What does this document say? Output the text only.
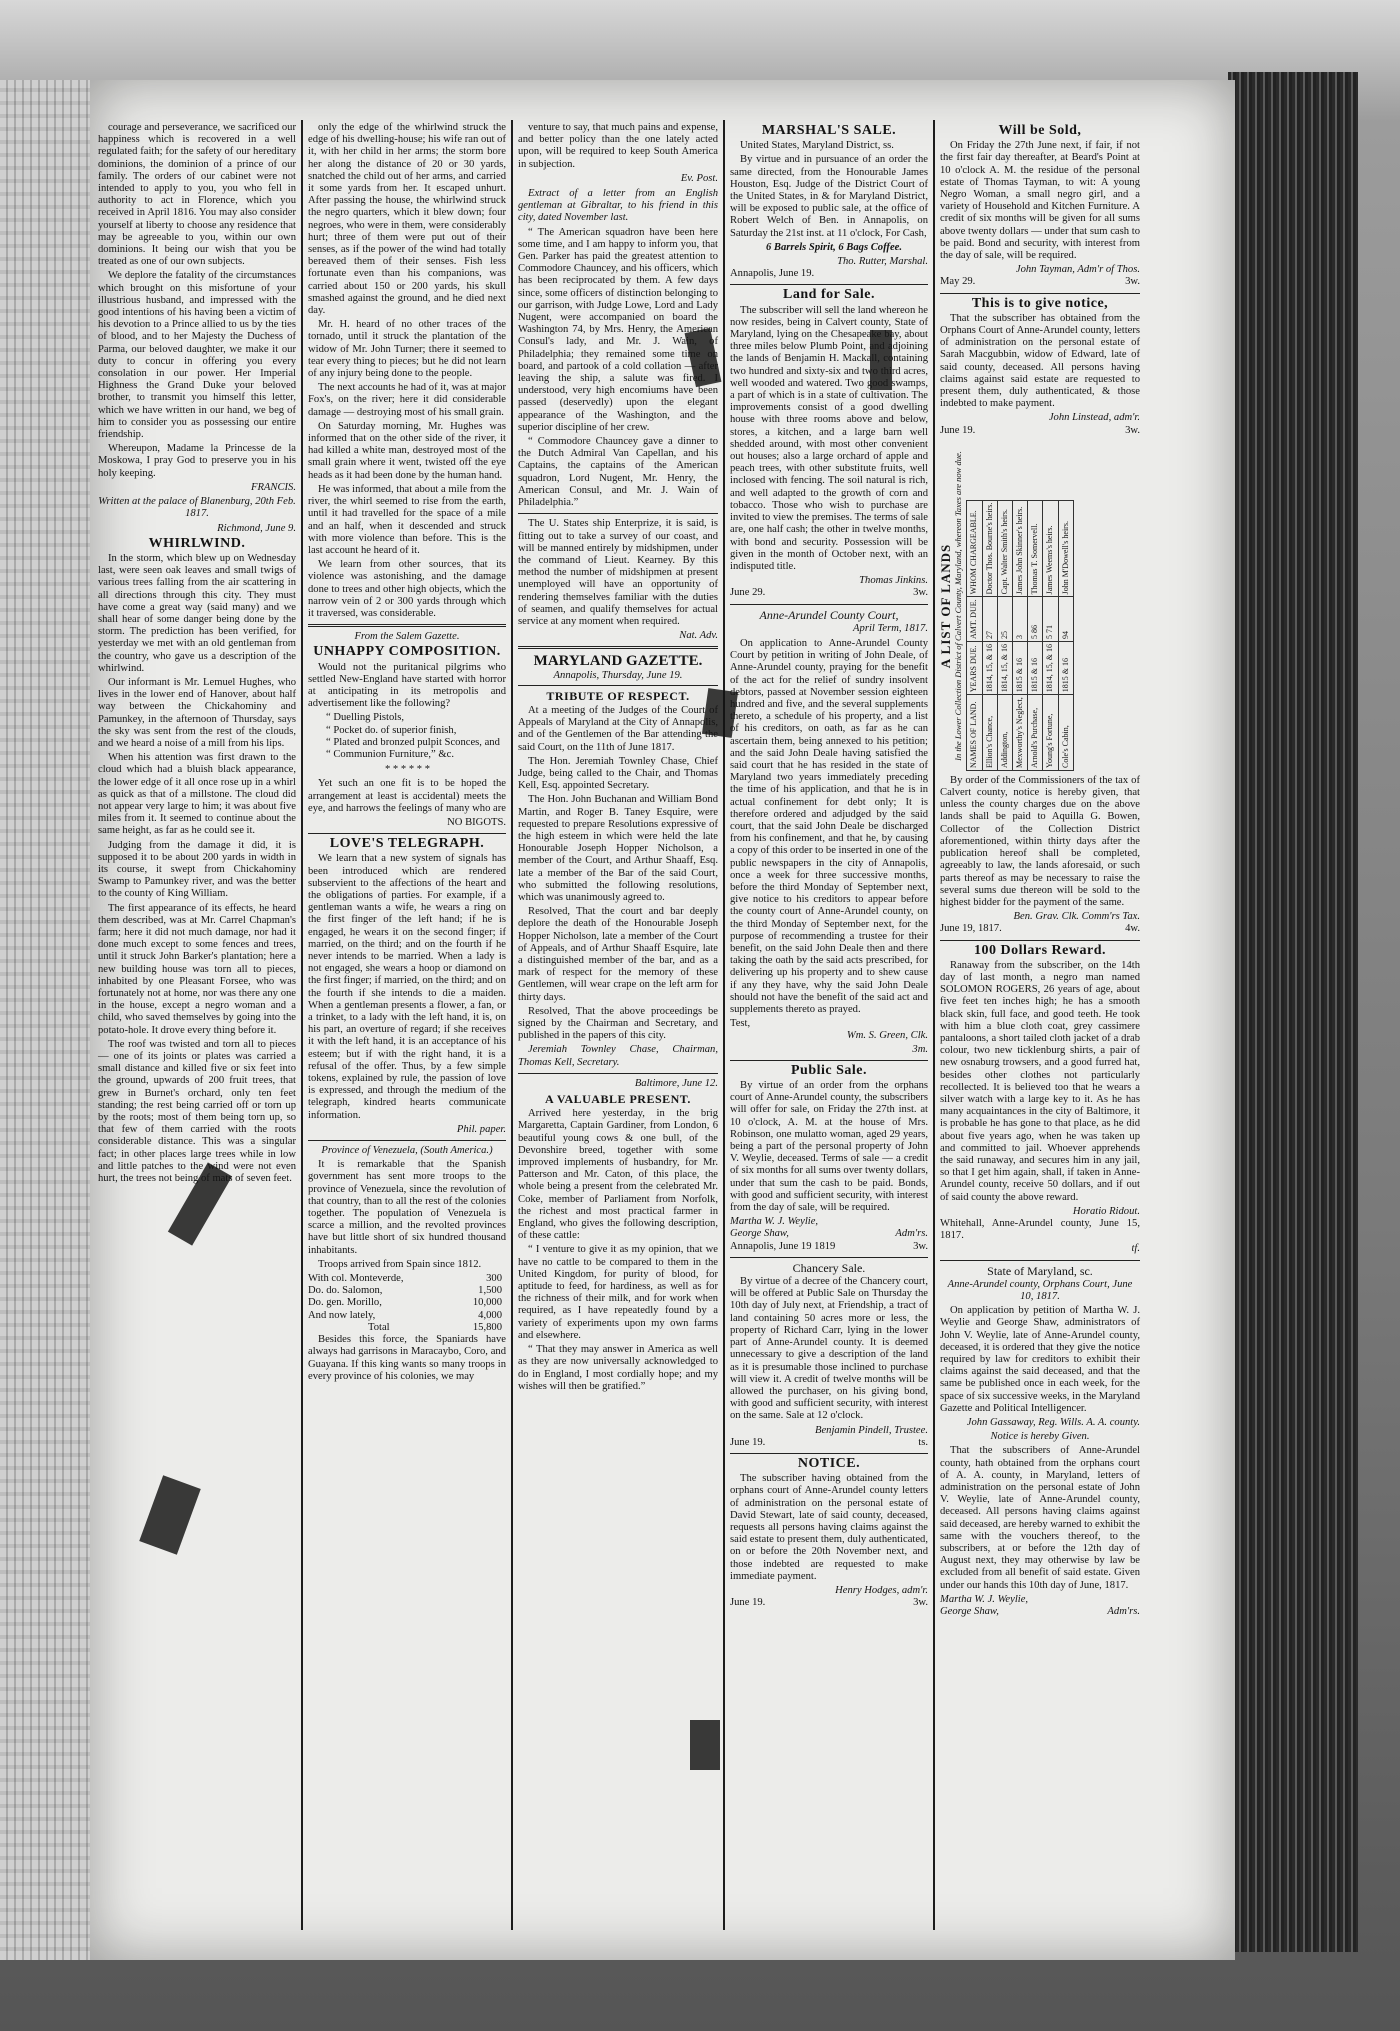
courage and perseverance, we sacrificed our happiness which is recovered in a well regulated faith; for the safety of our hereditary dominions, the dominion of a prince of our family. The orders of our cabinet were not intended to apply to you, you who fell in authority to act in Florence, which you received in April 1816. You may also consider yourself at liberty to choose any residence that may be agreeable to you, within our own dominions. It being our wish that you be treated as one of our own subjects.

We deplore the fatality of the circumstances which brought on this misfortune of your illustrious husband, and impressed with the good intentions of his having been a victim of his devotion to a Prince allied to us by the ties of blood, and to her Majesty the Duchess of Parma, our beloved daughter, we make it our duty to concur in offering you every consolation in our power. Her Imperial Highness the Grand Duke your beloved brother, to transmit you himself this letter, which we have written in our hand, we beg of him to consider you as possessing our entire friendship.

Whereupon, Madame la Princesse de la Moskowa, I pray God to preserve you in his holy keeping.

FRANCIS.
Written at the palace of Blanenburg, 20th Feb. 1817.
Richmond, June 9.
WHIRLWIND.

In the storm, which blew up on Wednesday last, were seen oak leaves and small twigs of various trees falling from the air scattering in all directions through this city. They must have come a great way (said many) and we shall hear of some danger being done by the storm. The prediction has been verified, for yesterday we met with an old gentleman from the country, who gave us a description of the whirlwind.

Our informant is Mr. Lemuel Hughes, who lives in the lower end of Hanover, about half way between the Chickahominy and Pamunkey, in the afternoon of Thursday, says the sky was sent from the rest of the clouds, and we heard a noise of a mill from his lips.

When his attention was first drawn to the cloud which had a bluish black appearance, the lower edge of it all once rose up in a whirl as quick as that of a millstone. The cloud did not appear very large to him; it was about five miles from it. It seemed to continue about the same height, as far as he could see it.

Judging from the damage it did, it is supposed it to be about 200 yards in width in its course, it swept from Chickahominy Swamp to Pamunkey river, and was the better to the county of King William.

The first appearance of its effects, he heard them described, was at Mr. Carrel Chapman's farm; here it did not much damage, nor had it done much except to some fences and trees, until it struck John Barker's plantation; here a new building house was torn all to pieces, inhabited by one Pleasant Forsee, who was fortunately not at home, nor was there any one in the house, except a negro woman and a child, who saved themselves by going into the potato-hole. It drove every thing before it.

The roof was twisted and torn all to pieces — one of its joints or plates was carried a small distance and killed five or six feet into the ground, upwards of 200 fruit trees, that grew in Burnet's orchard, only ten feet standing; the rest being carried off or torn up by the roots; most of them being torn up, so that few of them carried with the roots considerable distance. This was a singular fact; in other places large trees while in low and little patches to the wind were not even hurt, the trees not being of mats of seven feet.

only the edge of the whirlwind struck the edge of his dwelling-house; his wife ran out of it, with her child in her arms; the storm bore her along the distance of 20 or 30 yards, snatched the child out of her arms, and carried it some yards from her. It escaped unhurt. After passing the house, the whirlwind struck the negro quarters, which it blew down; four negroes, who were in them, were considerably hurt; three of them were put out of their senses, as if the power of the wind had totally bereaved them of their senses. Fish less fortunate even than his companions, was carried about 150 or 200 yards, his skull smashed against the ground, and he died next day.

Mr. H. heard of no other traces of the tornado, until it struck the plantation of the widow of Mr. John Turner; there it seemed to tear every thing to pieces; but he did not learn of any injury being done to the people.

The next accounts he had of it, was at major Fox's, on the river; here it did considerable damage — destroying most of his small grain.

On Saturday morning, Mr. Hughes was informed that on the other side of the river, it had killed a white man, destroyed most of the small grain where it went, twisted off the eye heads as it had been done by the human hand.

He was informed, that about a mile from the river, the whirl seemed to rise from the earth, until it had travelled for the space of a mile and an half, when it descended and struck with more violence than before. This is the last account he heard of it.

We learn from other sources, that its violence was astonishing, and the damage done to trees and other high objects, which the narrow vein of 2 or 300 yards through which it traversed, was considerable.

From the Salem Gazette.
UNHAPPY COMPOSITION.

Would not the puritanical pilgrims who settled New-England have started with horror at anticipating in its metropolis and advertisement like the following?

“ Duelling Pistols,
“ Pocket do. of superior finish,
“ Plated and bronzed pulpit Sconces, and
“ Communion Furniture,” &c.
* * * * * *

Yet such an one fit is to be hoped the arrangement at least is accidental) meets the eye, and harrows the feelings of many who are

NO BIGOTS.
LOVE'S TELEGRAPH.

We learn that a new system of signals has been introduced which are rendered subservient to the affections of the heart and the obligations of parties. For example, if a gentleman wants a wife, he wears a ring on the first finger of the left hand; if he is engaged, he wears it on the second finger; if married, on the third; and on the fourth if he never intends to be married. When a lady is not engaged, she wears a hoop or diamond on the first finger; if married, on the third; and on the fourth if she intends to die a maiden. When a gentleman presents a flower, a fan, or a trinket, to a lady with the left hand, it is, on his part, an overture of regard; if she receives it with the left hand, it is an acceptance of his esteem; but if with the right hand, it is a refusal of the offer. Thus, by a few simple tokens, explained by rule, the passion of love is expressed, and through the medium of the telegraph, kindred hearts communicate information.

Phil. paper.
Province of Venezuela, (South America.)

It is remarkable that the Spanish government has sent more troops to the province of Venezuela, since the revolution of that country, than to all the rest of the colonies together. The population of Venezuela is scarce a million, and the revolted provinces have but little short of six hundred thousand inhabitants.

Troops arrived from Spain since 1812.

With col. Monteverde,	300
Do. do. Salomon,	1,500
Do. gen. Morillo,	10,000
And now lately,	4,000
Total	15,800

Besides this force, the Spaniards have always had garrisons in Maracaybo, Coro, and Guayana. If this king wants so many troops in every province of his colonies, we may

venture to say, that much pains and expense, and better policy than the one lately acted upon, will be required to keep South America in subjection.

Ev. Post.

Extract of a letter from an English gentleman at Gibraltar, to his friend in this city, dated November last.

“ The American squadron have been here some time, and I am happy to inform you, that Gen. Parker has paid the greatest attention to Commodore Chauncey, and his officers, which has been reciprocated by them. A few days since, some officers of distinction belonging to our garrison, with Judge Lowe, Lord and Lady Nugent, were accompanied on board the Washington 74, by Mrs. Henry, the American Consul's lady, and Mr. J. Wain, of Philadelphia; they remained some time on board, and partook of a cold collation — after leaving the ship, a salute was fired. I understood, very high encomiums have been passed (deservedly) upon the elegant appearance of the Washington, and the superior discipline of her crew.

“ Commodore Chauncey gave a dinner to the Dutch Admiral Van Capellan, and his Captains, the captains of the American squadron, Lord Nugent, Mr. Henry, the American Consul, and Mr. J. Wain of Philadelphia.”

The U. States ship Enterprize, it is said, is fitting out to take a survey of our coast, and will be manned entirely by midshipmen, under the command of Lieut. Kearney. By this method the number of midshipmen at present unemployed will have an opportunity of rendering themselves familiar with the duties of seamen, and qualify themselves for actual service at any moment when required.

Nat. Adv.
MARYLAND GAZETTE.
Annapolis, Thursday, June 19.
TRIBUTE OF RESPECT.

At a meeting of the Judges of the Court of Appeals of Maryland at the City of Annapolis, and of the Gentlemen of the Bar attending the said Court, on the 11th of June 1817.

The Hon. Jeremiah Townley Chase, Chief Judge, being called to the Chair, and Thomas Kell, Esq. appointed Secretary.

The Hon. John Buchanan and William Bond Martin, and Roger B. Taney Esquire, were requested to prepare Resolutions expressive of the high esteem in which were held the late Honourable Joseph Hopper Nicholson, a member of the Court, and Arthur Shaaff, Esq. late a member of the Bar of the said Court, who submitted the following resolutions, which was unanimously agreed to.

Resolved, That the court and bar deeply deplore the death of the Honourable Joseph Hopper Nicholson, late a member of the Court of Appeals, and of Arthur Shaaff Esquire, late a distinguished member of the bar, and as a mark of respect for the memory of these Gentlemen, will wear crape on the left arm for thirty days.

Resolved, That the above proceedings be signed by the Chairman and Secretary, and published in the papers of this city.

Jeremiah Townley Chase, Chairman, Thomas Kell, Secretary.

Baltimore, June 12.
A VALUABLE PRESENT.

Arrived here yesterday, in the brig Margaretta, Captain Gardiner, from London, 6 beautiful young cows & one bull, of the Devonshire breed, together with some improved implements of husbandry, for Mr. Patterson and Mr. Caton, of this place, the whole being a present from the celebrated Mr. Coke, member of Parliament from Norfolk, the richest and most practical farmer in England, who gives the following description, of these cattle:

“ I venture to give it as my opinion, that we have no cattle to be compared to them in the United Kingdom, for purity of blood, for aptitude to feed, for hardiness, as well as for the richness of their milk, and for work when required, as I have repeatedly found by a variety of experiments upon my own farms and elsewhere.

“ That they may answer in America as well as they are now universally acknowledged to do in England, I most cordially hope; and my wishes will then be gratified.”

MARSHAL'S SALE.

United States, Maryland District, ss.

By virtue and in pursuance of an order the same directed, from the Honourable James Houston, Esq. Judge of the District Court of the United States, in & for Maryland District, will be exposed to public sale, at the office of Robert Welch of Ben. in Annapolis, on Saturday the 21st inst. at 11 o'clock, For Cash,

6 Barrels Spirit, 6 Bags Coffee.

Tho. Rutter, Marshal.
Annapolis, June 19.
Land for Sale.

The subscriber will sell the land whereon he now resides, being in Calvert county, State of Maryland, lying on the Chesapeake bay, about three miles below Plumb Point, and adjoining the lands of Benjamin H. Mackall, containing two hundred and sixty-six and two third acres, well wooded and watered. Two good swamps, a part of which is in a state of cultivation. The improvements consist of a good dwelling house with three rooms above and below, stores, a kitchen, and a large barn well shedded around, with most other convenient out houses; also a large orchard of apple and peach trees, with other substitute fruits, well inclosed with fencing. The soil natural is rich, and well adapted to the growth of corn and tobacco. Those who wish to purchase are invited to view the premises. The terms of sale are, one half cash; the other in twelve months, with bond and security. Possession will be given in the month of October next, with an indisputed title.

Thomas Jinkins.
June 29.	3w.
Anne-Arundel County Court,
April Term, 1817.

On application to Anne-Arundel County Court by petition in writing of John Deale, of Anne-Arundel county, praying for the benefit of the act for the relief of sundry insolvent debtors, passed at November session eighteen hundred and five, and the several supplements thereto, a schedule of his property, and a list of his creditors, on oath, as far as he can ascertain them, being annexed to his petition; and the said John Deale having satisfied the said court that he has resided in the state of Maryland two years immediately preceding the time of his application, and that he is in actual confinement for debt only; It is therefore ordered and adjudged by the said court, that the said John Deale be discharged from his confinement, and that he, by causing a copy of this order to be inserted in one of the public newspapers in the city of Annapolis, once a week for three successive months, before the third Monday of September next, give notice to his creditors to appear before the county court of Anne-Arundel county, on the third Monday of September next, for the purpose of recommending a trustee for their benefit, on the said John Deale then and there taking the oath by the said acts prescribed, for delivering up his property and to shew cause if any they have, why the said John Deale should not have the benefit of the said act and supplements thereto as prayed.

Test,
Wm. S. Green, Clk.
3m.
Public Sale.

By virtue of an order from the orphans court of Anne-Arundel county, the subscribers will offer for sale, on Friday the 27th inst. at 10 o'clock, A. M. at the house of Mrs. Robinson, one mulatto woman, aged 29 years, being a part of the personal property of John V. Weylie, deceased. Terms of sale — a credit of six months for all sums over twenty dollars, under that sum the cash to be paid. Bonds, with good and sufficient security, with interest from the day of sale, will be required.

Martha W. J. Weylie,
George Shaw,	Adm'rs.
Annapolis, June 19 1819	3w.
Chancery Sale.

By virtue of a decree of the Chancery court, will be offered at Public Sale on Thursday the 10th day of July next, at Friendship, a tract of land containing 50 acres more or less, the property of Richard Carr, lying in the lower part of Anne-Arundel county. It is deemed unnecessary to give a description of the land as it is presumable those inclined to purchase will view it. A credit of twelve months will be allowed the purchaser, on his giving bond, with good and sufficient security, with interest on the same. Sale at 12 o'clock.

Benjamin Pindell, Trustee.
June 19.	ts.
NOTICE.

The subscriber having obtained from the orphans court of Anne-Arundel county letters of administration on the personal estate of David Stewart, late of said county, deceased, requests all persons having claims against the said estate to present them, duly authenticated, on or before the 20th November next, and those indebted are requested to make immediate payment.

Henry Hodges, adm'r.
June 19.	3w.
Will be Sold,

On Friday the 27th June next, if fair, if not the first fair day thereafter, at Beard's Point at 10 o'clock A. M. the residue of the personal estate of Thomas Tayman, to wit: A young Negro Woman, a small negro girl, and a variety of Household and Kitchen Furniture. A credit of six months will be given for all sums above twenty dollars — under that sum cash to be paid. Bond and security, with interest from the day of sale, will be required.

John Tayman, Adm'r of Thos.
May 29.	3w.
This is to give notice,

That the subscriber has obtained from the Orphans Court of Anne-Arundel county, letters of administration on the personal estate of Sarah Macgubbin, widow of Edward, late of said county, deceased. All persons having claims against said estate are requested to present them, duly authenticated, & those indebted to make payment.

John Linstead, adm'r.
June 19.	3w.
A LIST OF LANDS In the Lower Collection District of Calvert County, Maryland, whereon Taxes are now due. NAMES OF LAND.	YEARS DUE.	AMT. DUE.	WHOM CHARGEABLE.
Ellion's Chance,	1814, 15, & 16	27	Doctor Thos. Bourne's heirs.
Addington,	1814, 15, & 16	25	Capt. Walter Smith's heirs.
Mexworthy's Neglect,	1815 & 16	3	James John Skinner's heirs.
Arnold's Purchase,	1815 & 16	5 86	Thomas T. Somervell.
Young's Fortune,	1814, 15, & 16	5 71	James Weems's heirs.
Cole's Cabin,	1815 & 16	94	John M'Dowell's heirs.

By order of the Commissioners of the tax of Calvert county, notice is hereby given, that unless the county charges due on the above lands shall be paid to Aquilla G. Bowen, Collector of the Collection District aforementioned, within thirty days after the publication hereof shall be completed, agreeably to law, the lands aforesaid, or such parts thereof as may be necessary to raise the several sums due thereon will be sold to the highest bidder for the payment of the same.

Ben. Grav. Clk. Comm'rs Tax.
June 19, 1817.	4w.
100 Dollars Reward.

Ranaway from the subscriber, on the 14th day of last month, a negro man named SOLOMON ROGERS, 26 years of age, about five feet ten inches high; he has a smooth black skin, full face, and good teeth. He took with him a blue cloth coat, grey cassimere pantaloons, a short tailed cloth jacket of a drab colour, two new ticklenburg shirts, a pair of new osnaburg trowsers, and a good furred hat, besides other clothes not particularly recollected. It is believed too that he wears a silver watch with a large key to it. As he has many acquaintances in the city of Baltimore, it is probable he has gone to that place, as he did about five years ago, when he was taken up and committed to jail. Whoever apprehends the said runaway, and secures him in any jail, so that I get him again, shall, if taken in Anne-Arundel county, receive 50 dollars, and if out of said county the above reward.

Horatio Ridout.
Whitehall, Anne-Arundel county, June 15, 1817.
tf.
State of Maryland, sc.
Anne-Arundel county, Orphans Court, June 10, 1817.

On application by petition of Martha W. J. Weylie and George Shaw, administrators of John V. Weylie, late of Anne-Arundel county, deceased, it is ordered that they give the notice required by law for creditors to exhibit their claims against the said deceased, and that the same be published once in each week, for the space of six successive weeks, in the Maryland Gazette and Political Intelligencer.

John Gassaway, Reg. Wills. A. A. county.
Notice is hereby Given.

That the subscribers of Anne-Arundel county, hath obtained from the orphans court of A. A. county, in Maryland, letters of administration on the personal estate of John V. Weylie, late of Anne-Arundel county, deceased. All persons having claims against said deceased, are hereby warned to exhibit the same with the vouchers thereof, to the subscribers, at or before the 12th day of August next, they may otherwise by law be excluded from all benefit of said estate. Given under our hands this 10th day of June, 1817.

Martha W. J. Weylie,
George Shaw,	Adm'rs.
